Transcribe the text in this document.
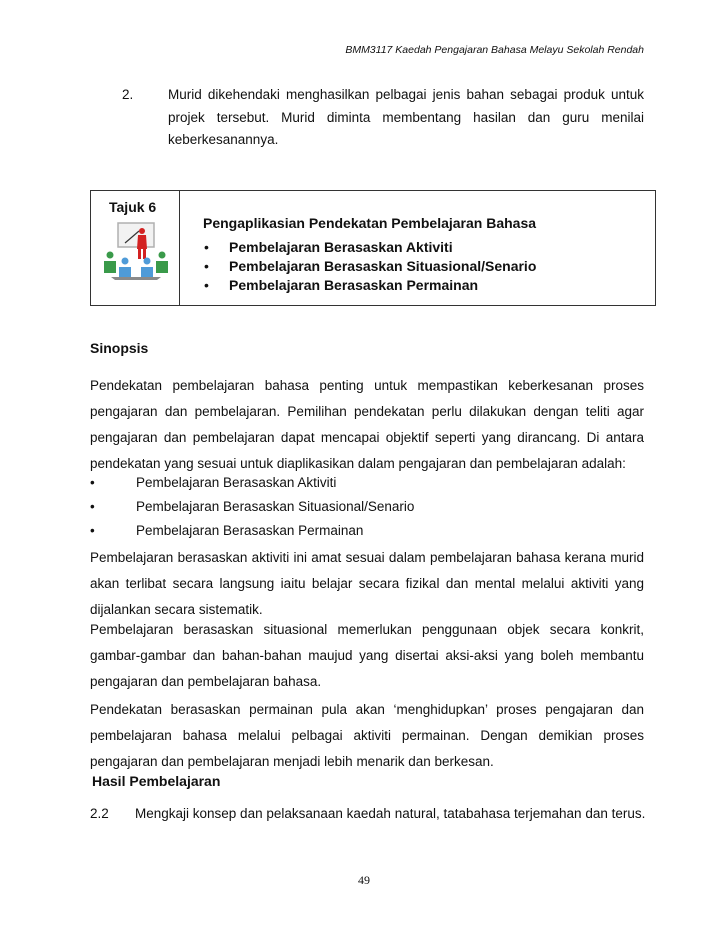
BMM3117 Kaedah Pengajaran Bahasa Melayu Sekolah Rendah
2.	Murid dikehendaki menghasilkan pelbagai jenis bahan sebagai produk untuk projek tersebut. Murid diminta membentang hasilan dan guru menilai keberkesanannya.
Tajuk 6
Pengaplikasian Pendekatan Pembelajaran Bahasa
• Pembelajaran Berasaskan Aktiviti
• Pembelajaran Berasaskan Situasional/Senario
• Pembelajaran Berasaskan Permainan
Sinopsis

Pendekatan pembelajaran bahasa penting untuk mempastikan keberkesanan proses pengajaran dan pembelajaran. Pemilihan pendekatan perlu dilakukan dengan teliti agar pengajaran dan pembelajaran dapat mencapai objektif seperti yang dirancang. Di antara pendekatan yang sesuai untuk diaplikasikan dalam pengajaran dan pembelajaran adalah:

• Pembelajaran Berasaskan Aktiviti
• Pembelajaran Berasaskan Situasional/Senario
• Pembelajaran Berasaskan Permainan

Pembelajaran berasaskan aktiviti ini amat sesuai dalam pembelajaran bahasa kerana murid akan terlibat secara langsung iaitu belajar secara fizikal dan mental melalui aktiviti yang dijalankan secara sistematik.

Pembelajaran berasaskan situasional memerlukan penggunaan objek secara konkrit, gambar-gambar dan bahan-bahan maujud yang disertai aksi-aksi yang boleh membantu pengajaran dan pembelajaran bahasa.

Pendekatan berasaskan permainan pula akan ‘menghidupkan’ proses pengajaran dan pembelajaran bahasa melalui pelbagai aktiviti permainan. Dengan demikian proses pengajaran dan pembelajaran menjadi lebih menarik dan berkesan.

Hasil Pembelajaran
2.2 Mengkaji konsep dan pelaksanaan kaedah natural, tatabahasa terjemahan dan terus.
49
